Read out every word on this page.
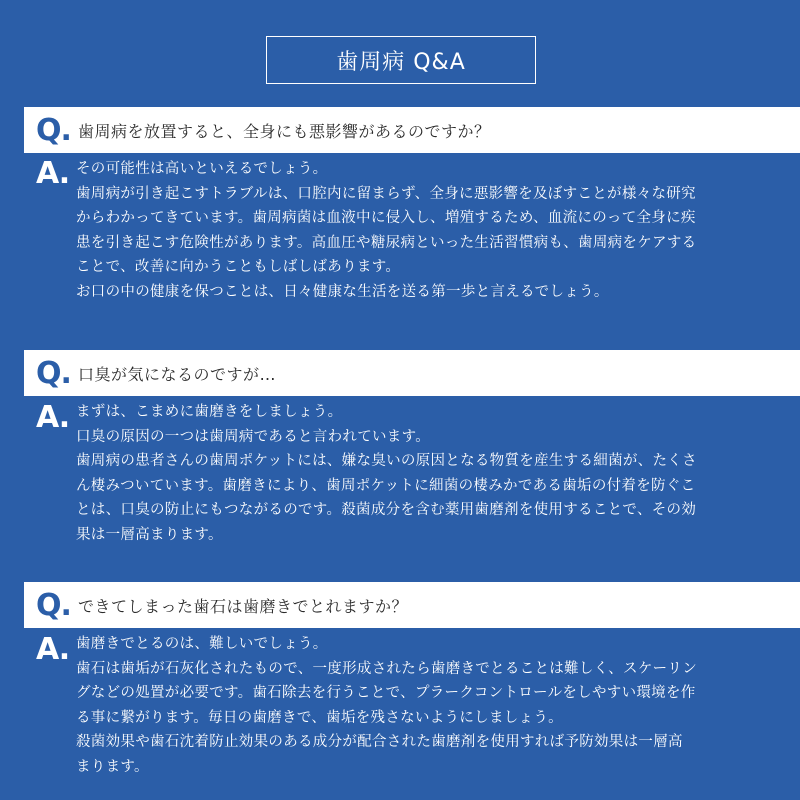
歯周病 Q&A
Q. 歯周病を放置すると、全身にも悪影響があるのですか？
A. その可能性は高いといえるでしょう。
歯周病が引き起こすトラブルは、口腔内に留まらず、全身に悪影響を及ぼすことが様々な研究
からわかってきています。歯周病菌は血液中に侵入し、増殖するため、血流にのって全身に疾
患を引き起こす危険性があります。高血圧や糖尿病といった生活習慣病も、歯周病をケアする
ことで、改善に向かうこともしばしばあります。
お口の中の健康を保つことは、日々健康な生活を送る第一歩と言えるでしょう。
Q. 口臭が気になるのですが…
A. まずは、こまめに歯磨きをしましょう。
口臭の原因の一つは歯周病であると言われています。
歯周病の患者さんの歯周ポケットには、嫌な臭いの原因となる物質を産生する細菌が、たくさ
ん棲みついています。歯磨きにより、歯周ポケットに細菌の棲みかである歯垢の付着を防ぐこ
とは、口臭の防止にもつながるのです。殺菌成分を含む薬用歯磨剤を使用することで、その効
果は一層高まります。
Q. できてしまった歯石は歯磨きでとれますか？
A. 歯磨きでとるのは、難しいでしょう。
歯石は歯垢が石灰化されたもので、一度形成されたら歯磨きでとることは難しく、スケーリン
グなどの処置が必要です。歯石除去を行うことで、プラークコントロールをしやすい環境を作
る事に繋がります。毎日の歯磨きで、歯垢を残さないようにしましょう。
殺菌効果や歯石沈着防止効果のある成分が配合された歯磨剤を使用すれば予防効果は一層高
まります。
